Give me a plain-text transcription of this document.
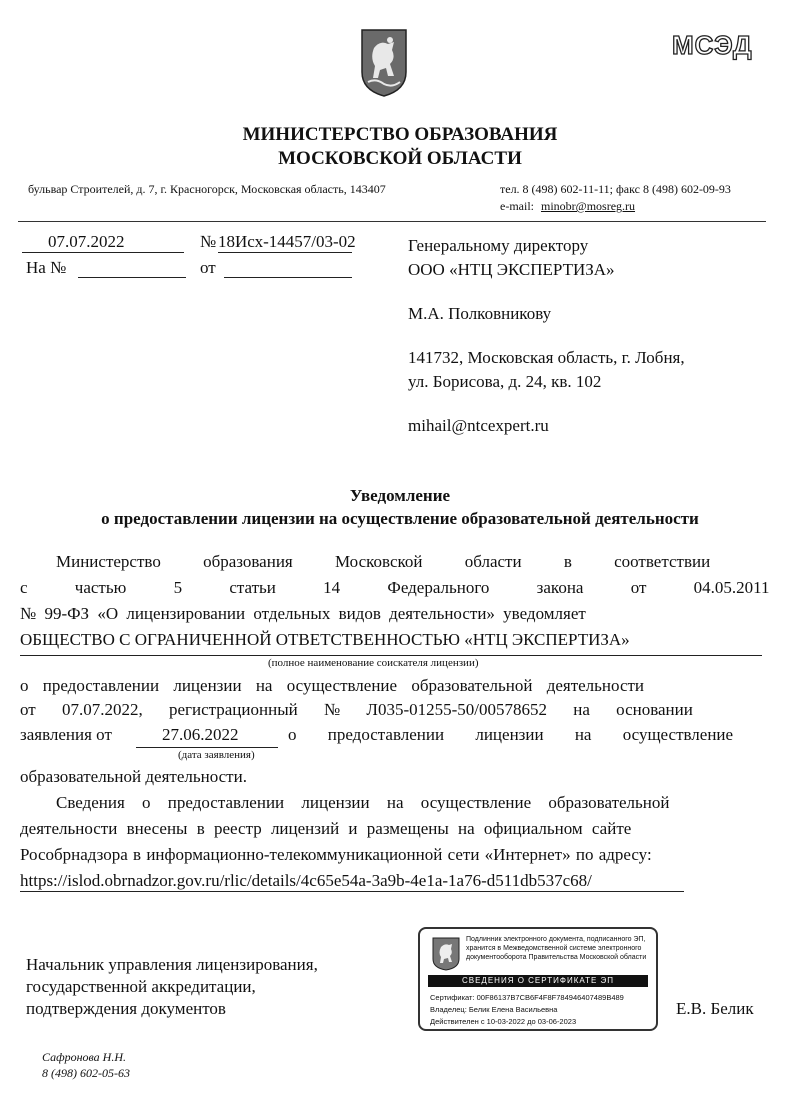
МСЭД
МИНИСТЕРСТВО ОБРАЗОВАНИЯ
МОСКОВСКОЙ ОБЛАСТИ
бульвар Строителей, д. 7, г. Красногорск, Московская область, 143407	тел. 8 (498) 602-11-11; факс 8 (498) 602-09-93
e-mail: minobr@mosreg.ru
07.07.2022	№ 18Исх-14457/03-02
На №	от
Генеральному директору
ООО «НТЦ ЭКСПЕРТИЗА»
М.А. Полковникову
141732, Московская область, г. Лобня,
ул. Борисова, д. 24, кв. 102
mihail@ntcexpert.ru
Уведомление
о предоставлении лицензии на осуществление образовательной деятельности
Министерство образования Московской области в соответствии
с частью 5 статьи 14 Федерального закона от 04.05.2011
№ 99-ФЗ «О лицензировании отдельных видов деятельности» уведомляет
ОБЩЕСТВО С ОГРАНИЧЕННОЙ ОТВЕТСТВЕННОСТЬЮ «НТЦ ЭКСПЕРТИЗА»
(полное наименование соискателя лицензии)
о предоставлении лицензии на осуществление образовательной деятельности
от 07.07.2022, регистрационный № Л035-01255-50/00578652 на основании
заявления от	27.06.2022
(дата заявления)
о предоставлении лицензии на осуществление
образовательной деятельности.
Сведения о предоставлении лицензии на осуществление образовательной
деятельности внесены в реестр лицензий и размещены на официальном сайте
Рособрнадзора в информационно-телекоммуникационной сети «Интернет» по адресу:
https://islod.obrnadzor.gov.ru/rlic/details/4c65e54a-3a9b-4e1a-1a76-d511db537c68/
Начальник управления лицензирования,
государственной аккредитации,
подтверждения документов	Е.В. Белик
Подлинник электронного документа, подписанного ЭП, хранится в Межведомственной системе электронного документооборота Правительства Московской области
СВЕДЕНИЯ О СЕРТИФИКАТЕ ЭП
Сертификат: 00F86137B7CB6F4F8F784946407489B489
Владелец: Белик Елена Васильевна
Действителен с 10-03-2022 до 03-06-2023
Сафронова Н.Н.
8 (498) 602-05-63
